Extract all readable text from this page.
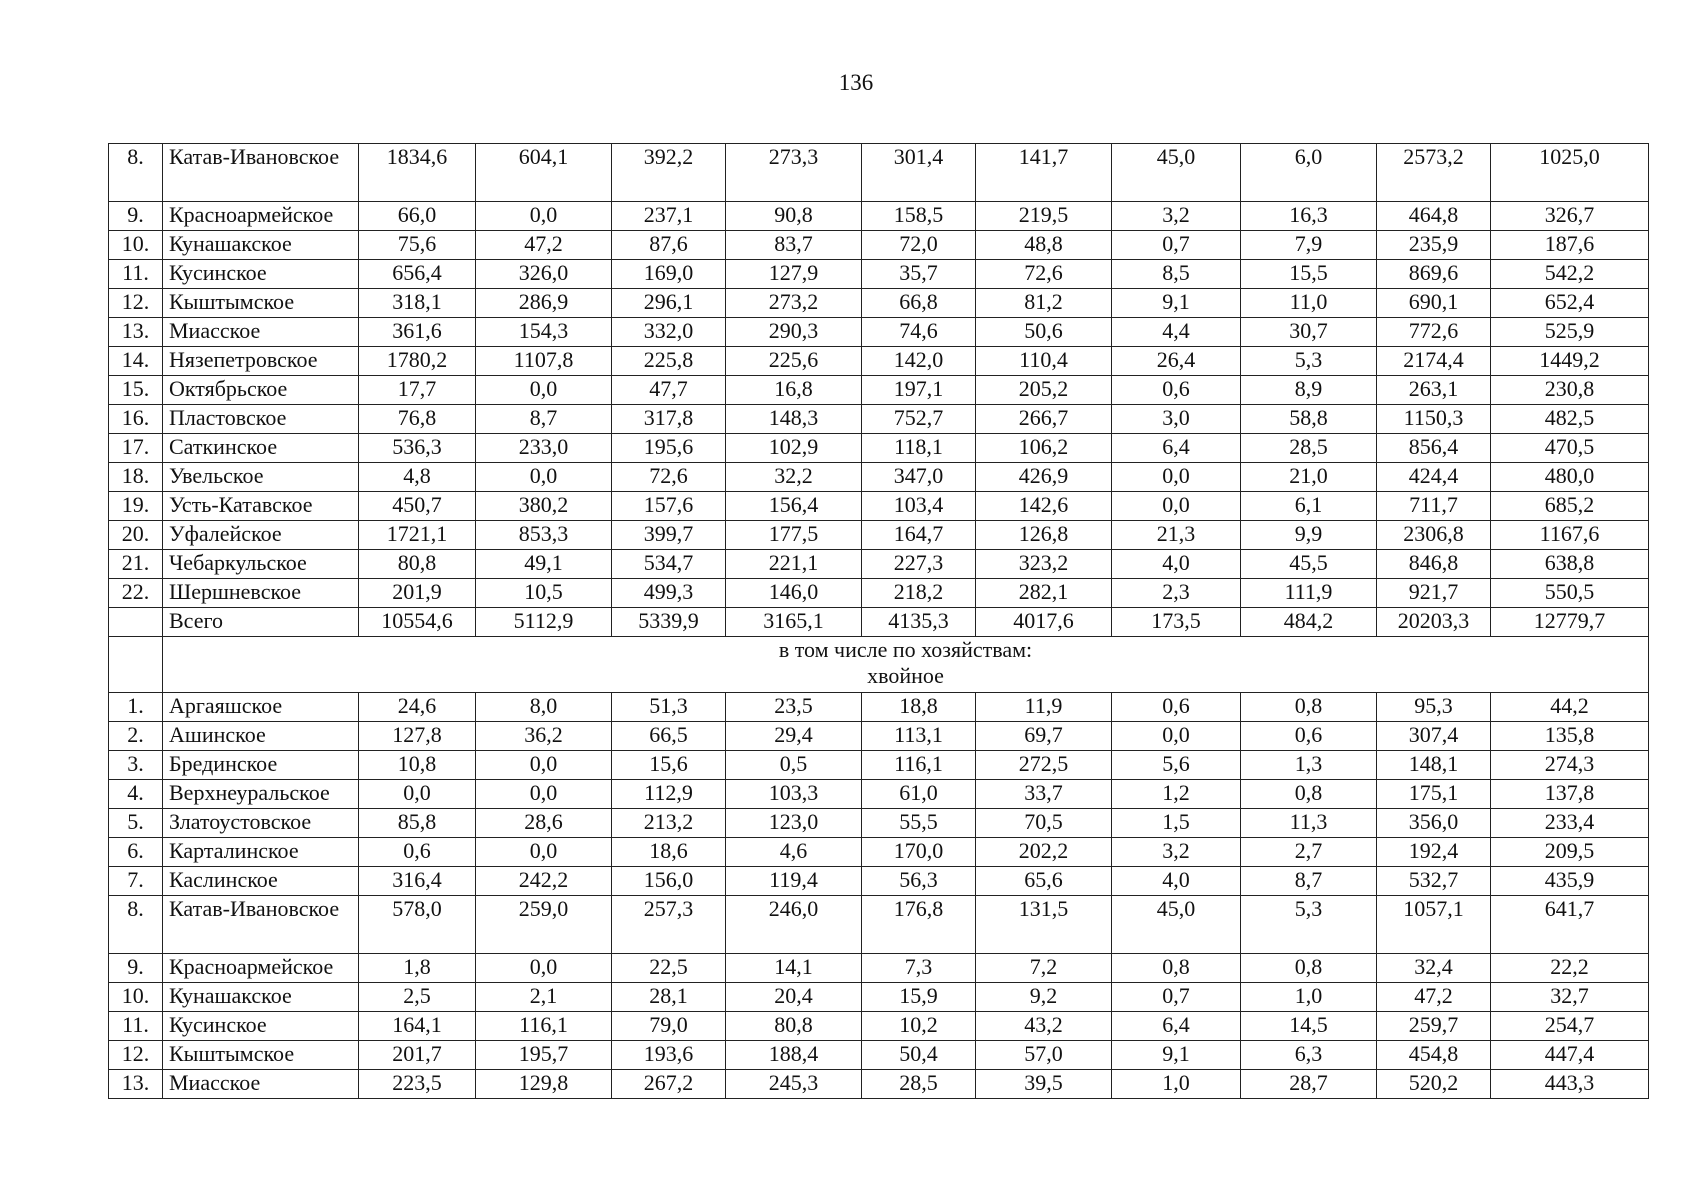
136
8.	Катав-Ивановское	1834,6	604,1	392,2	273,3	301,4	141,7	45,0	6,0	2573,2	1025,0
9.	Красноармейское	66,0	0,0	237,1	90,8	158,5	219,5	3,2	16,3	464,8	326,7
10.	Кунашакское	75,6	47,2	87,6	83,7	72,0	48,8	0,7	7,9	235,9	187,6
11.	Кусинское	656,4	326,0	169,0	127,9	35,7	72,6	8,5	15,5	869,6	542,2
12.	Кыштымское	318,1	286,9	296,1	273,2	66,8	81,2	9,1	11,0	690,1	652,4
13.	Миасское	361,6	154,3	332,0	290,3	74,6	50,6	4,4	30,7	772,6	525,9
14.	Нязепетровское	1780,2	1107,8	225,8	225,6	142,0	110,4	26,4	5,3	2174,4	1449,2
15.	Октябрьское	17,7	0,0	47,7	16,8	197,1	205,2	0,6	8,9	263,1	230,8
16.	Пластовское	76,8	8,7	317,8	148,3	752,7	266,7	3,0	58,8	1150,3	482,5
17.	Саткинское	536,3	233,0	195,6	102,9	118,1	106,2	6,4	28,5	856,4	470,5
18.	Увельское	4,8	0,0	72,6	32,2	347,0	426,9	0,0	21,0	424,4	480,0
19.	Усть-Катавское	450,7	380,2	157,6	156,4	103,4	142,6	0,0	6,1	711,7	685,2
20.	Уфалейское	1721,1	853,3	399,7	177,5	164,7	126,8	21,3	9,9	2306,8	1167,6
21.	Чебаркульское	80,8	49,1	534,7	221,1	227,3	323,2	4,0	45,5	846,8	638,8
22.	Шершневское	201,9	10,5	499,3	146,0	218,2	282,1	2,3	111,9	921,7	550,5
	Всего	10554,6	5112,9	5339,9	3165,1	4135,3	4017,6	173,5	484,2	20203,3	12779,7

	в том числе по хозяйствам:
хвойное										

1.	Аргаяшское	24,6	8,0	51,3	23,5	18,8	11,9	0,6	0,8	95,3	44,2
2.	Ашинское	127,8	36,2	66,5	29,4	113,1	69,7	0,0	0,6	307,4	135,8
3.	Брединское	10,8	0,0	15,6	0,5	116,1	272,5	5,6	1,3	148,1	274,3
4.	Верхнеуральское	0,0	0,0	112,9	103,3	61,0	33,7	1,2	0,8	175,1	137,8
5.	Златоустовское	85,8	28,6	213,2	123,0	55,5	70,5	1,5	11,3	356,0	233,4
6.	Карталинское	0,6	0,0	18,6	4,6	170,0	202,2	3,2	2,7	192,4	209,5
7.	Каслинское	316,4	242,2	156,0	119,4	56,3	65,6	4,0	8,7	532,7	435,9
8.	Катав-Ивановское	578,0	259,0	257,3	246,0	176,8	131,5	45,0	5,3	1057,1	641,7
9.	Красноармейское	1,8	0,0	22,5	14,1	7,3	7,2	0,8	0,8	32,4	22,2
10.	Кунашакское	2,5	2,1	28,1	20,4	15,9	9,2	0,7	1,0	47,2	32,7
11.	Кусинское	164,1	116,1	79,0	80,8	10,2	43,2	6,4	14,5	259,7	254,7
12.	Кыштымское	201,7	195,7	193,6	188,4	50,4	57,0	9,1	6,3	454,8	447,4
13.	Миасское	223,5	129,8	267,2	245,3	28,5	39,5	1,0	28,7	520,2	443,3
